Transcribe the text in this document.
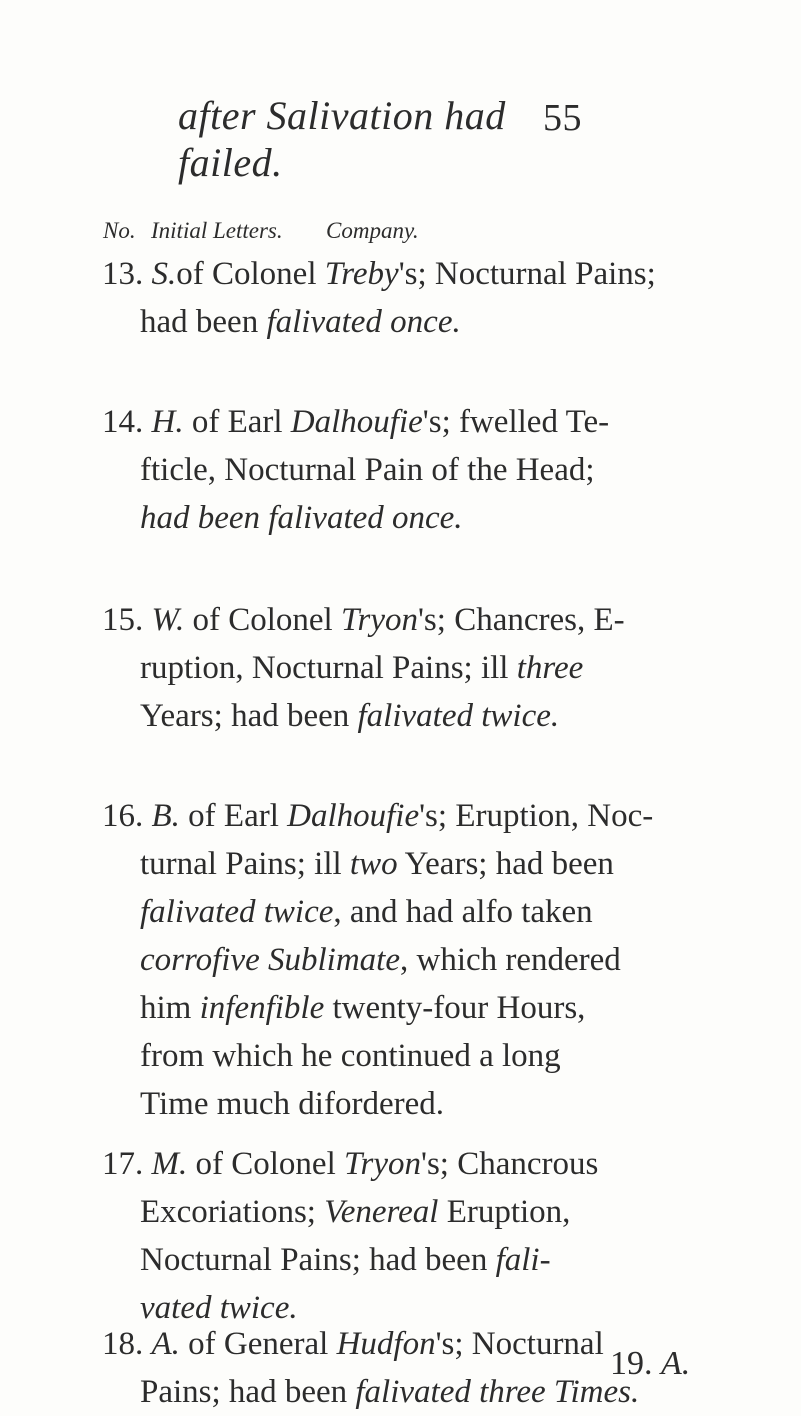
after Salivation had failed.
55
No. Initial Letters. Company.
13. S.of Colonel Treby's; Nocturnal Pains;
had been falivated once.
14. H. of Earl Dalhoufie's; fwelled Te-
fticle, Nocturnal Pain of the Head;
had been falivated once.
15. W. of Colonel Tryon's; Chancres, E-
ruption, Nocturnal Pains; ill three
Years; had been falivated twice.
16. B. of Earl Dalhoufie's; Eruption, Noc-
turnal Pains; ill two Years; had been
falivated twice, and had alfo taken
corrofive Sublimate, which rendered
him infenfible twenty-four Hours,
from which he continued a long
Time much difordered.
17. M. of Colonel Tryon's; Chancrous
Excoriations; Venereal Eruption,
Nocturnal Pains; had been fali-
vated twice.
18. A. of General Hudfon's; Nocturnal
Pains; had been falivated three Times.
19. A.
